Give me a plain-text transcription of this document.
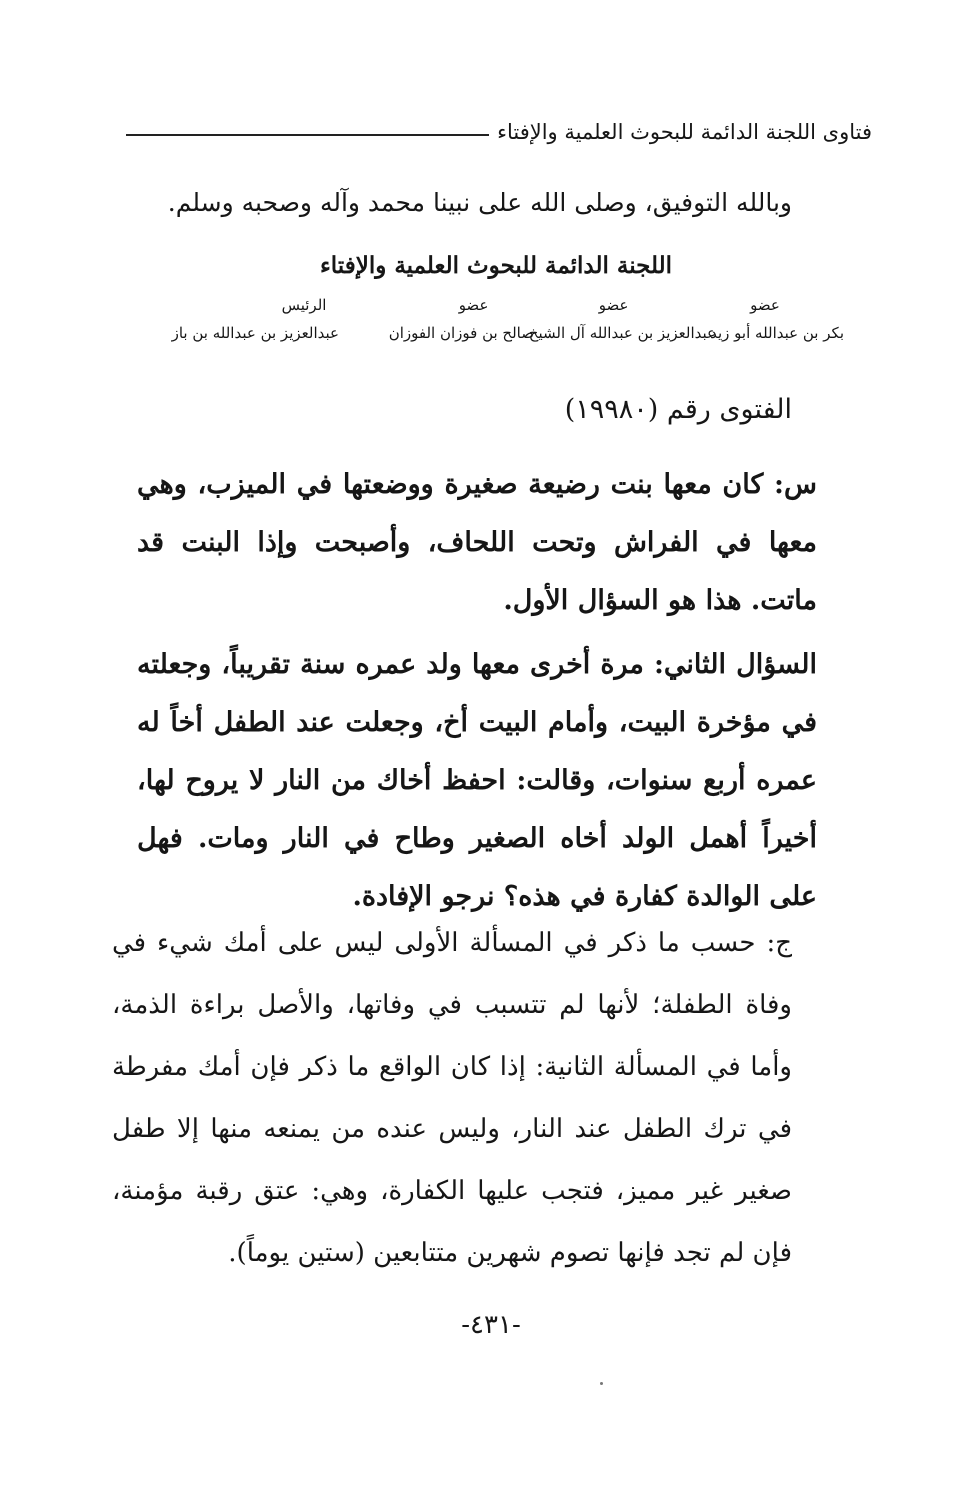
فتاوى اللجنة الدائمة للبحوث العلمية والإفتاء
وبالله التوفيق، وصلى الله على نبينا محمد وآله وصحبه وسلم.
اللجنة الدائمة للبحوث العلمية والإفتاء
عضو
بكر بن عبدالله أبو زيد
عضو
عبدالعزيز بن عبدالله آل الشيخ
عضو
صالح بن فوزان الفوزان
الرئيس
عبدالعزيز بن عبدالله بن باز
الفتوى رقم (١٩٩٨٠)

س: كان معها بنت رضيعة صغيرة ووضعتها في الميزب، وهي معها في الفراش وتحت اللحاف، وأصبحت وإذا البنت قد ماتت. هذا هو السؤال الأول.

السؤال الثاني: مرة أخرى معها ولد عمره سنة تقريباً، وجعلته في مؤخرة البيت، وأمام البيت أخ، وجعلت عند الطفل أخاً له عمره أربع سنوات، وقالت: احفظ أخاك من النار لا يروح لها، أخيراً أهمل الولد أخاه الصغير وطاح في النار ومات. فهل على الوالدة كفارة في هذه؟ نرجو الإفادة.

ج: حسب ما ذكر في المسألة الأولى ليس على أمك شيء في وفاة الطفلة؛ لأنها لم تتسبب في وفاتها، والأصل براءة الذمة، وأما في المسألة الثانية: إذا كان الواقع ما ذكر فإن أمك مفرطة في ترك الطفل عند النار، وليس عنده من يمنعه منها إلا طفل صغير غير مميز، فتجب عليها الكفارة، وهي: عتق رقبة مؤمنة، فإن لم تجد فإنها تصوم شهرين متتابعين (ستين يوماً).

-٤٣١-
